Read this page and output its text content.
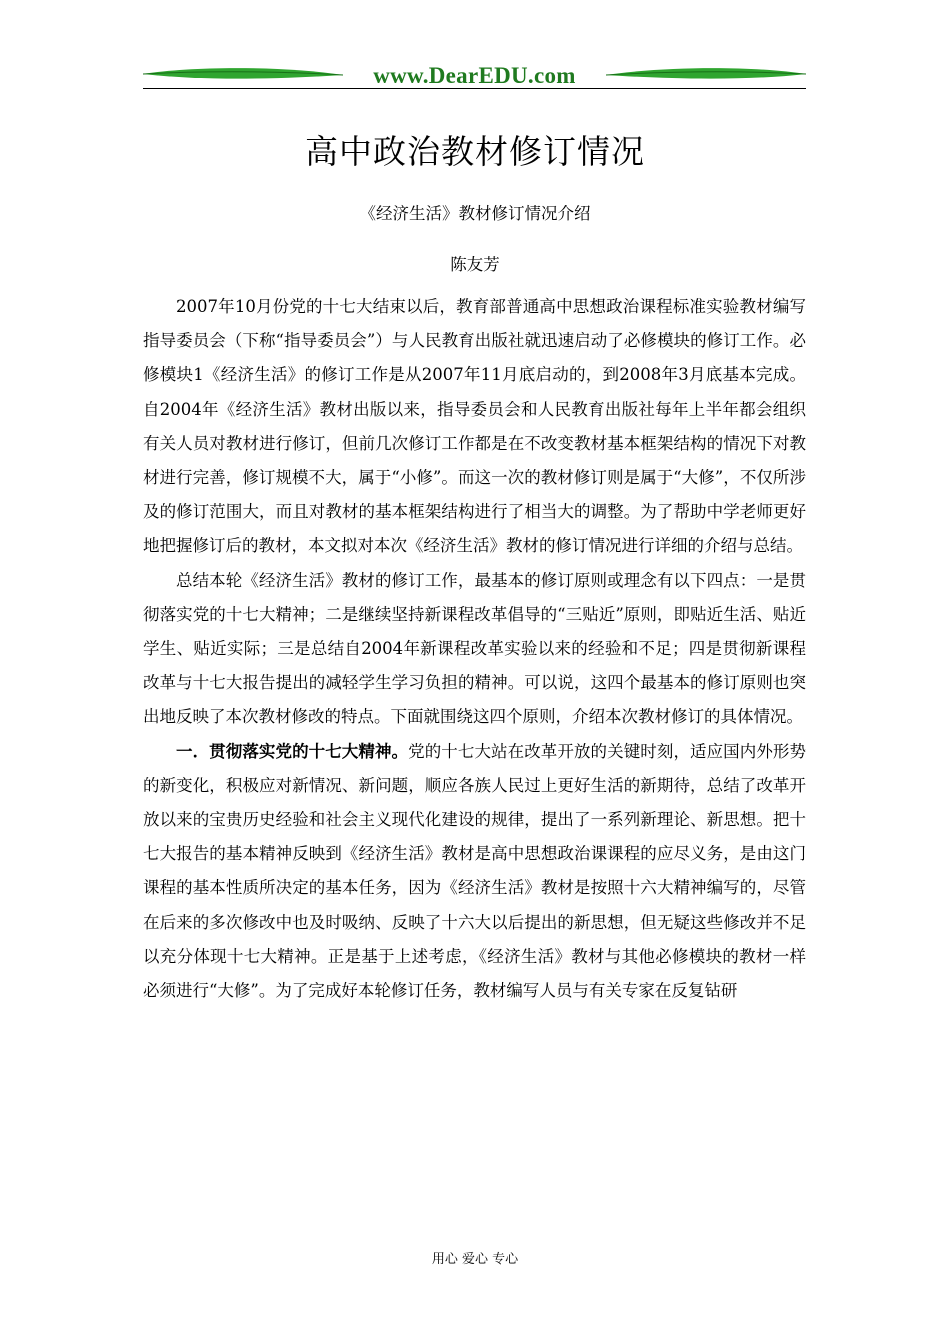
www.DearEDU.com
高中政治教材修订情况
《经济生活》教材修订情况介绍
陈友芳

2007年10月份党的十七大结束以后，教育部普通高中思想政治课程标准实验教材编写指导委员会（下称“指导委员会”）与人民教育出版社就迅速启动了必修模块的修订工作。必修模块1《经济生活》的修订工作是从2007年11月底启动的，到2008年3月底基本完成。自2004年《经济生活》教材出版以来，指导委员会和人民教育出版社每年上半年都会组织有关人员对教材进行修订，但前几次修订工作都是在不改变教材基本框架结构的情况下对教材进行完善，修订规模不大，属于“小修”。而这一次的教材修订则是属于“大修”，不仅所涉及的修订范围大，而且对教材的基本框架结构进行了相当大的调整。为了帮助中学老师更好地把握修订后的教材，本文拟对本次《经济生活》教材的修订情况进行详细的介绍与总结。

总结本轮《经济生活》教材的修订工作，最基本的修订原则或理念有以下四点：一是贯彻落实党的十七大精神；二是继续坚持新课程改革倡导的“三贴近”原则，即贴近生活、贴近学生、贴近实际；三是总结自2004年新课程改革实验以来的经验和不足；四是贯彻新课程改革与十七大报告提出的减轻学生学习负担的精神。可以说，这四个最基本的修订原则也突出地反映了本次教材修改的特点。下面就围绕这四个原则，介绍本次教材修订的具体情况。

一．贯彻落实党的十七大精神。党的十七大站在改革开放的关键时刻，适应国内外形势的新变化，积极应对新情况、新问题，顺应各族人民过上更好生活的新期待，总结了改革开放以来的宝贵历史经验和社会主义现代化建设的规律，提出了一系列新理论、新思想。把十七大报告的基本精神反映到《经济生活》教材是高中思想政治课课程的应尽义务，是由这门课程的基本性质所决定的基本任务，因为《经济生活》教材是按照十六大精神编写的，尽管在后来的多次修改中也及时吸纳、反映了十六大以后提出的新思想，但无疑这些修改并不足以充分体现十七大精神。正是基于上述考虑，《经济生活》教材与其他必修模块的教材一样必须进行“大修”。为了完成好本轮修订任务，教材编写人员与有关专家在反复钻研

用心 爱心 专心
